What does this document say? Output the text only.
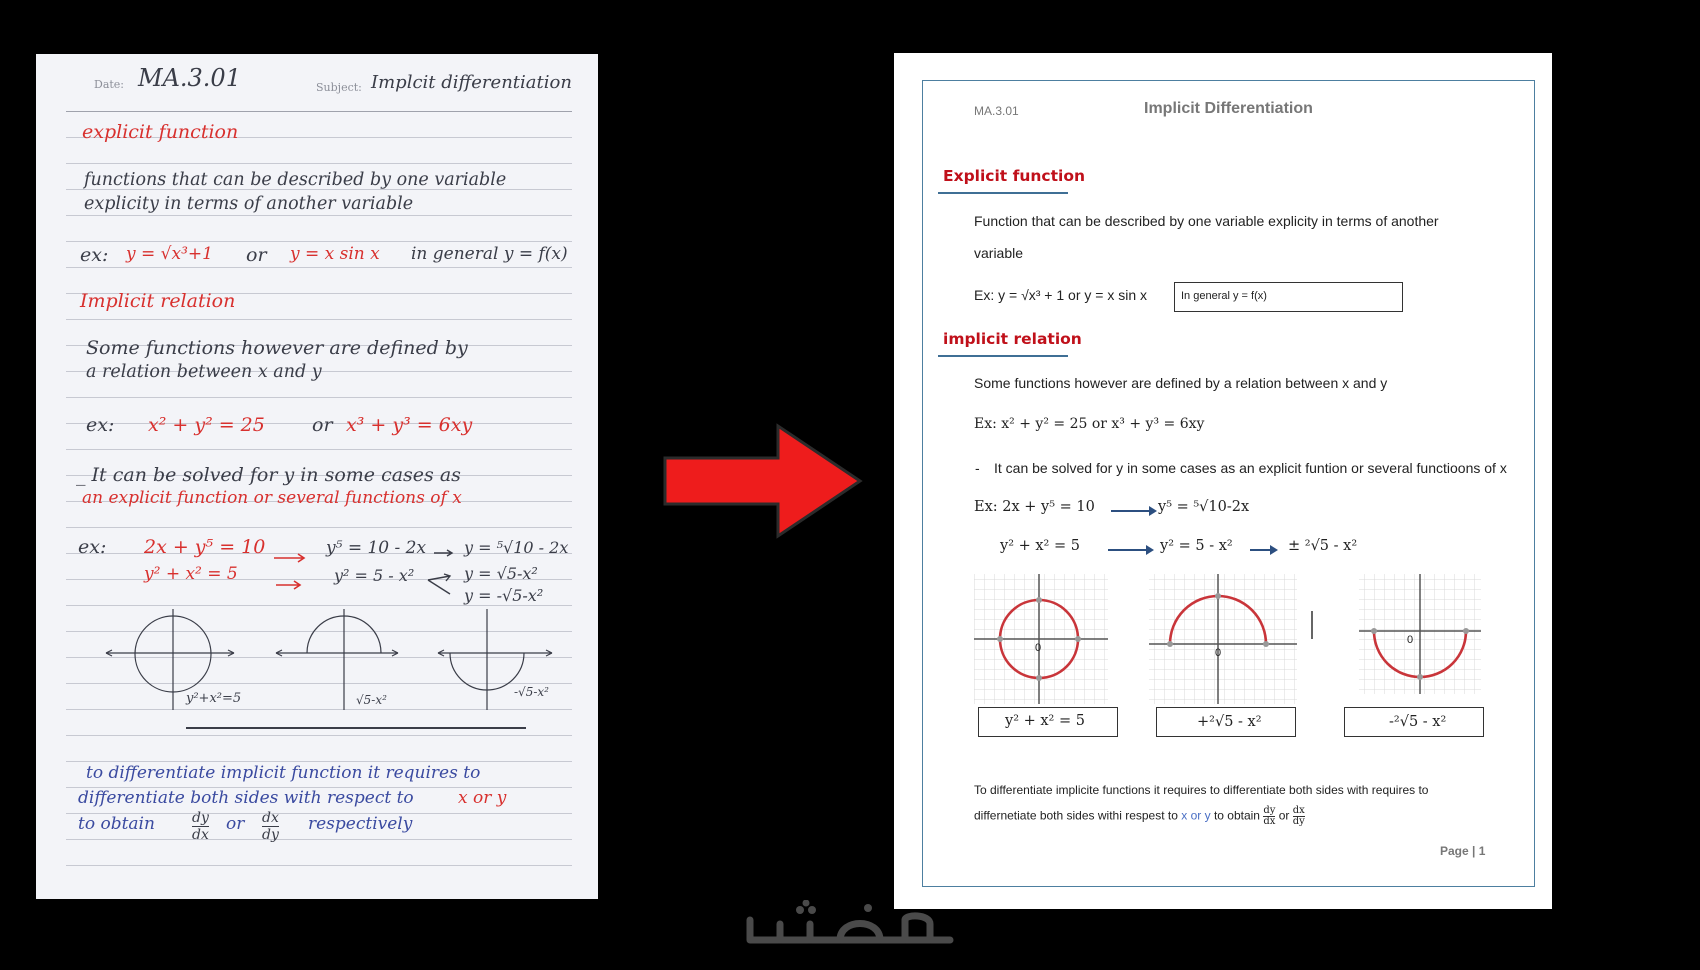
Date: MA.3.01	Subject: Implcit differentiation
explicit function
functions that can be described by one variable
explicity in terms of another variable
ex: y = √x³+1 or y = x sin x in general y = f(x)
Implicit relation
Some functions however are defined by
a relation between x and y
ex: x² + y² = 25 or x³ + y³ = 6xy
_ It can be solved for y in some cases as
an explicit function or several functions of x
ex: 2x + y⁵ = 10	y⁵ = 10 - 2x y = ⁵√10 - 2x
y² + x² = 5	y² = 5 - x²	y = √5-x²
y = -√5-x²
y²+x²=5	√5-x²
-√5-x²
to differentiate implicit function it requires to
differentiate both sides with respect to	x or y
to obtain	$\frac{dy}{dx}$ or $\frac{dx}{dy}$ respectively
MA.3.01	Implicit Differentiation
Explicit function
Function that can be described by one variable explicity in terms of another
variable
Ex: y = √x³ + 1 or y = x sin x	In general y = f(x)
implicit relation
Some functions however are defined by a relation between x and y
Ex: x² + y² = 25 or x³ + y³ = 6xy
- It can be solved for y in some cases as an explicit funtion or several functioons of x
Ex: 2x + y⁵ = 10	y⁵ = ⁵√10-2x
y² + x² = 5	y² = 5 - x²	± ²√5 - x²
0	0
0
y² + x² = 5	+²√5 - x²	-²√5 - x²
To differentiate implicite functions it requires to differentiate both sides with requires to
differnetiate both sides withi respest to x or y to obtain $\frac{dy}{dx}$ or $\frac{dx}{dy}$
Page | 1
